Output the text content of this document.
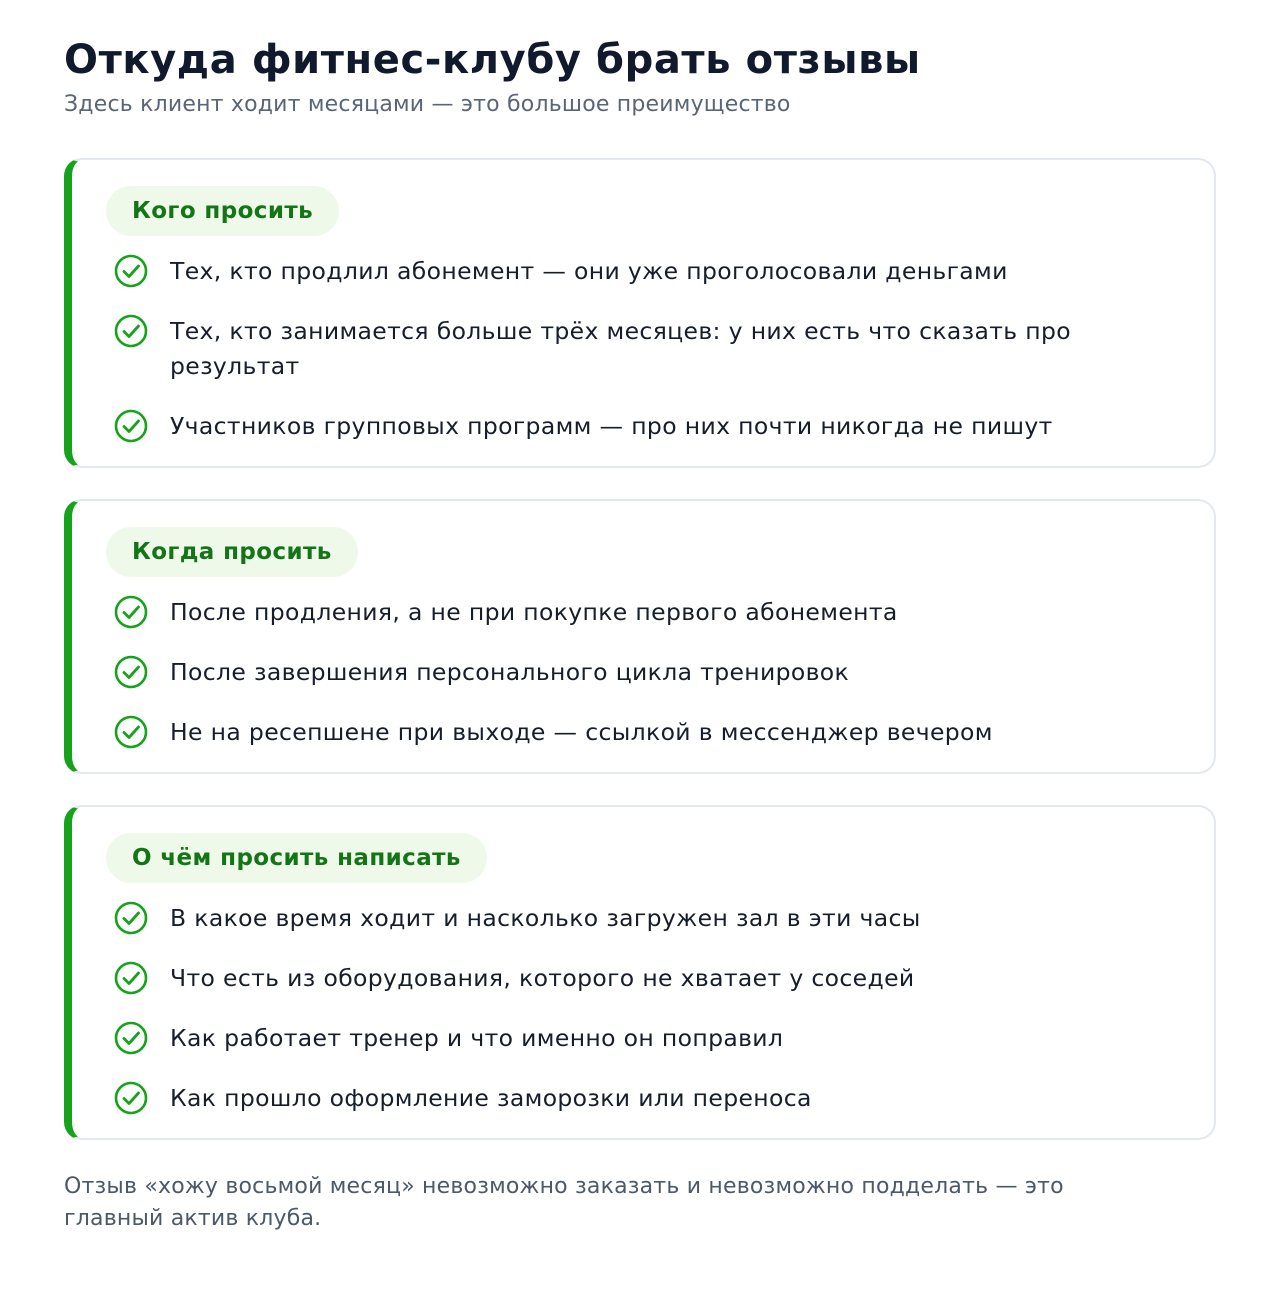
Откуда фитнес-клубу брать отзывы

Здесь клиент ходит месяцами — это большое преимущество

Кого просить
Тех, кто продлил абонемент — они уже проголосовали деньгами
Тех, кто занимается больше трёх месяцев: у них есть что сказать про результат
Участников групповых программ — про них почти никогда не пишут
Когда просить
После продления, а не при покупке первого абонемента
После завершения персонального цикла тренировок
Не на ресепшене при выходе — ссылкой в мессенджер вечером
О чём просить написать
В какое время ходит и насколько загружен зал в эти часы
Что есть из оборудования, которого не хватает у соседей
Как работает тренер и что именно он поправил
Как прошло оформление заморозки или переноса

Отзыв «хожу восьмой месяц» невозможно заказать и невозможно подделать — это главный актив клуба.
